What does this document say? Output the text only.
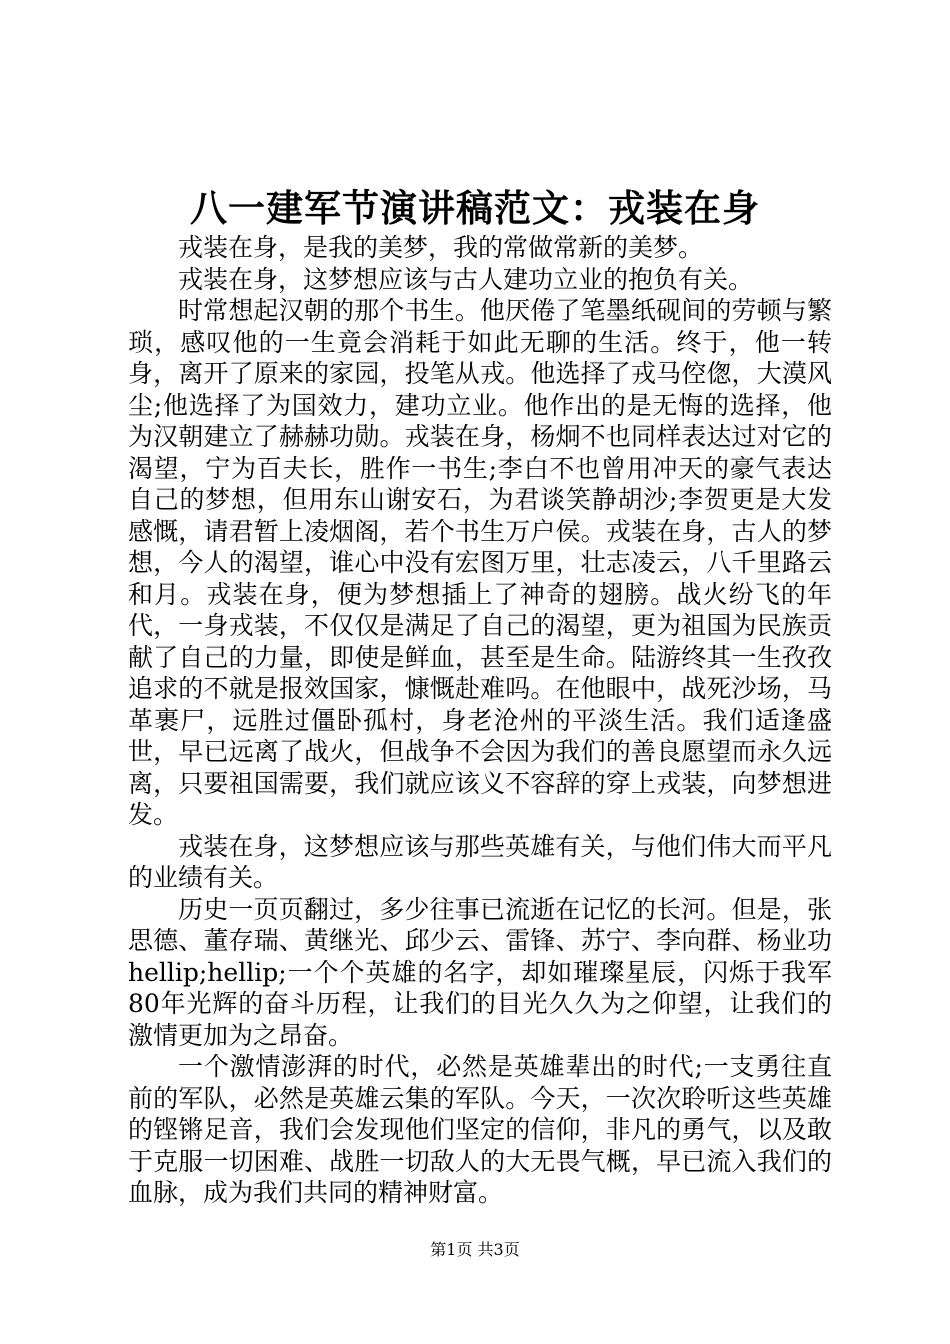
八一建军节演讲稿范文：戎装在身

戎装在身，是我的美梦，我的常做常新的美梦。

戎装在身，这梦想应该与古人建功立业的抱负有关。

时常想起汉朝的那个书生。他厌倦了笔墨纸砚间的劳顿与繁琐，感叹他的一生竟会消耗于如此无聊的生活。终于，他一转身，离开了原来的家园，投笔从戎。他选择了戎马倥偬，大漠风尘;他选择了为国效力，建功立业。他作出的是无悔的选择，他为汉朝建立了赫赫功勋。戎装在身，杨炯不也同样表达过对它的渴望，宁为百夫长，胜作一书生;李白不也曾用冲天的豪气表达自己的梦想，但用东山谢安石，为君谈笑静胡沙;李贺更是大发感慨，请君暂上凌烟阁，若个书生万户侯。戎装在身，古人的梦想，今人的渴望，谁心中没有宏图万里，壮志凌云，八千里路云和月。戎装在身，便为梦想插上了神奇的翅膀。战火纷飞的年代，一身戎装，不仅仅是满足了自己的渴望，更为祖国为民族贡献了自己的力量，即使是鲜血，甚至是生命。陆游终其一生孜孜追求的不就是报效国家，慷慨赴难吗。在他眼中，战死沙场，马革裹尸，远胜过僵卧孤村，身老沧州的平淡生活。我们适逢盛世，早已远离了战火，但战争不会因为我们的善良愿望而永久远离，只要祖国需要，我们就应该义不容辞的穿上戎装，向梦想进发。

戎装在身，这梦想应该与那些英雄有关，与他们伟大而平凡的业绩有关。

历史一页页翻过，多少往事已流逝在记忆的长河。但是，张思德、董存瑞、黄继光、邱少云、雷锋、苏宁、李向群、杨业功hellip;hellip;一个个英雄的名字，却如璀璨星辰，闪烁于我军80年光辉的奋斗历程，让我们的目光久久为之仰望，让我们的激情更加为之昂奋。

一个激情澎湃的时代，必然是英雄辈出的时代;一支勇往直前的军队，必然是英雄云集的军队。今天，一次次聆听这些英雄的铿锵足音，我们会发现他们坚定的信仰，非凡的勇气，以及敢于克服一切困难、战胜一切敌人的大无畏气概，早已流入我们的血脉，成为我们共同的精神财富。

第1页 共3页
